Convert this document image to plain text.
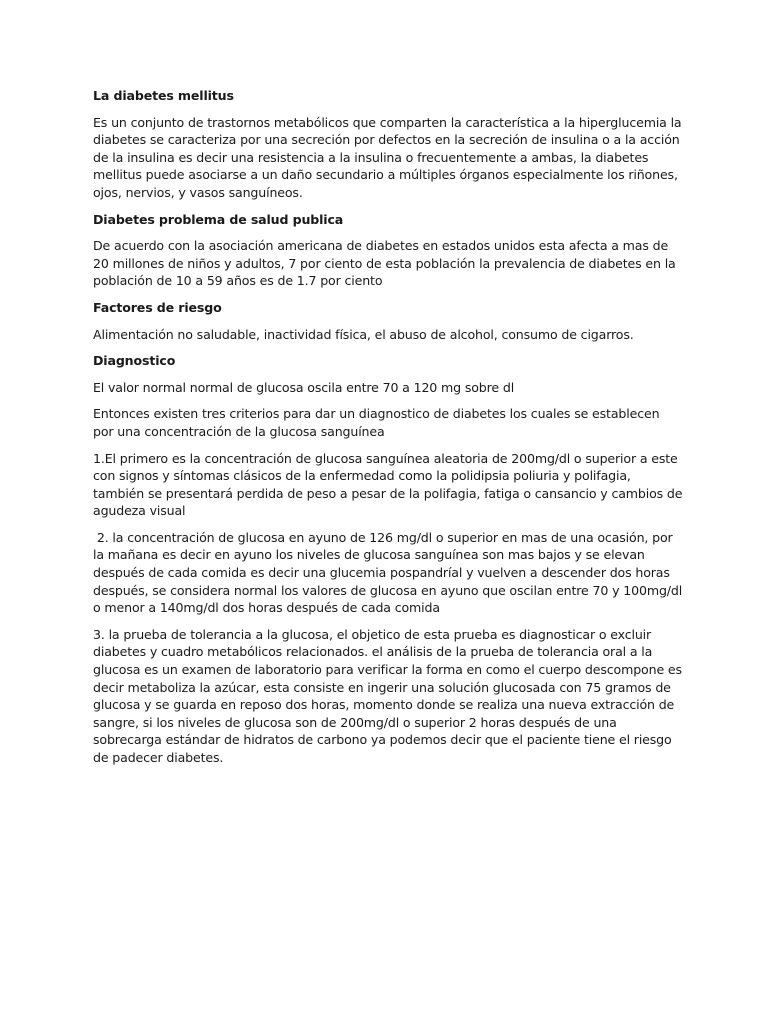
La diabetes mellitus
Es un conjunto de trastornos metabólicos que comparten la característica a la hiperglucemia la diabetes se caracteriza por una secreción por defectos en la secreción de insulina o a la acción de la insulina es decir una resistencia a la insulina o frecuentemente a ambas, la diabetes mellitus puede asociarse a un daño secundario a múltiples órganos especialmente los riñones, ojos, nervios, y vasos sanguíneos.
Diabetes problema de salud publica
De acuerdo con la asociación americana de diabetes en estados unidos esta afecta a mas de 20 millones de niños y adultos, 7 por ciento de esta población la prevalencia de diabetes en la población de 10 a 59 años es de 1.7 por ciento
Factores de riesgo
Alimentación no saludable, inactividad física, el abuso de alcohol, consumo de cigarros.
Diagnostico
El valor normal normal de glucosa oscila entre 70 a 120 mg sobre dl
Entonces existen tres criterios para dar un diagnostico de diabetes los cuales se establecen por una concentración de la glucosa sanguínea
1.El primero es la concentración de glucosa sanguínea aleatoria de 200mg/dl o superior a este con signos y síntomas clásicos de la enfermedad como la polidipsia poliuria y polifagia, también se presentará perdida de peso a pesar de la polifagia, fatiga o cansancio y cambios de agudeza visual
2. la concentración de glucosa en ayuno de 126 mg/dl o superior en mas de una ocasión, por la mañana es decir en ayuno los niveles de glucosa sanguínea son mas bajos y se elevan después de cada comida es decir una glucemia pospandríal y vuelven a descender dos horas después, se considera normal los valores de glucosa en ayuno que oscilan entre 70 y 100mg/dl o menor a 140mg/dl dos horas después de cada comida
3. la prueba de tolerancia a la glucosa, el objetico de esta prueba es diagnosticar o excluir diabetes y cuadro metabólicos relacionados. el análisis de la prueba de tolerancia oral a la glucosa es un examen de laboratorio para verificar la forma en como el cuerpo descompone es decir metaboliza la azúcar, esta consiste en ingerir una solución glucosada con 75 gramos de glucosa y se guarda en reposo dos horas, momento donde se realiza una nueva extracción de sangre, si los niveles de glucosa son de 200mg/dl o superior 2 horas después de una sobrecarga estándar de hidratos de carbono ya podemos decir que el paciente tiene el riesgo de padecer diabetes.
